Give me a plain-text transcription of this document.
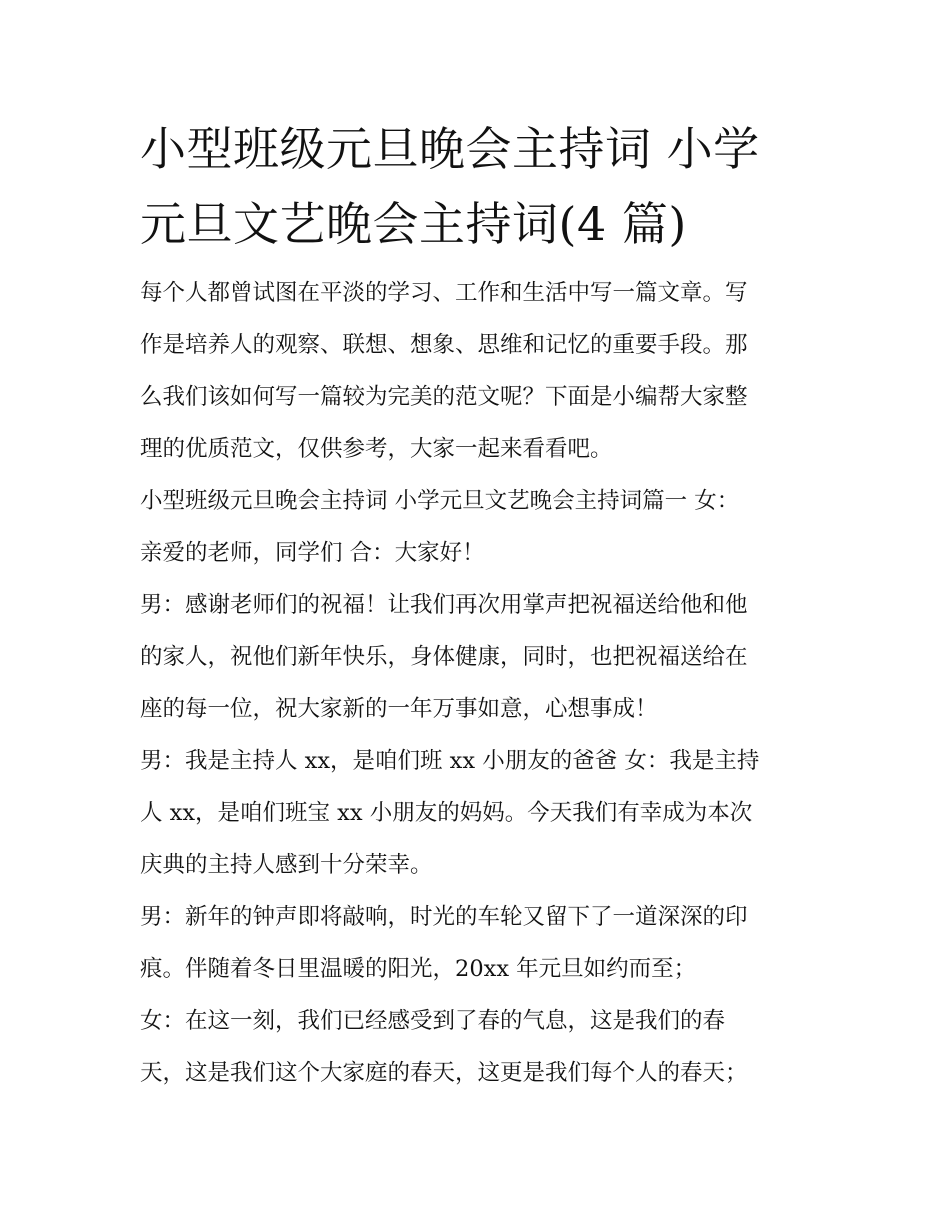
小型班级元旦晚会主持词 小学
元旦文艺晚会主持词(4 篇)

每个人都曾试图在平淡的学习、工作和生活中写一篇文章。写
作是培养人的观察、联想、想象、思维和记忆的重要手段。那
么我们该如何写一篇较为完美的范文呢？下面是小编帮大家整
理的优质范文，仅供参考，大家一起来看看吧。

小型班级元旦晚会主持词 小学元旦文艺晚会主持词篇一 女：
亲爱的老师，同学们 合：大家好！

男：感谢老师们的祝福！让我们再次用掌声把祝福送给他和他
的家人，祝他们新年快乐，身体健康，同时，也把祝福送给在
座的每一位，祝大家新的一年万事如意，心想事成！

男：我是主持人 xx，是咱们班 xx 小朋友的爸爸 女：我是主持
人 xx，是咱们班宝 xx 小朋友的妈妈。今天我们有幸成为本次
庆典的主持人感到十分荣幸。

男：新年的钟声即将敲响，时光的车轮又留下了一道深深的印
痕。伴随着冬日里温暖的阳光，20xx 年元旦如约而至；

女：在这一刻，我们已经感受到了春的气息，这是我们的春
天，这是我们这个大家庭的春天，这更是我们每个人的春天；
